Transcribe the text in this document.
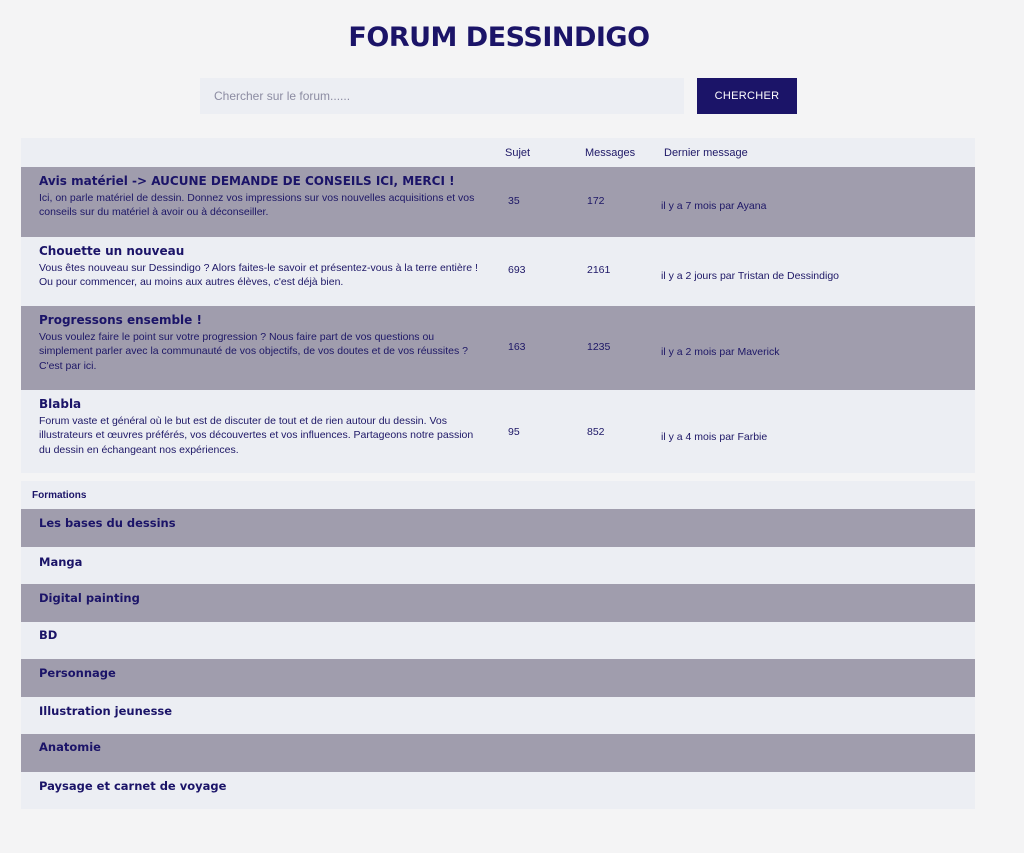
FORUM DESSINDIGO
Chercher sur le forum......
CHERCHER
Sujet	Messages	Dernier message
Avis matériel -> AUCUNE DEMANDE DE CONSEILS ICI, MERCI !
Ici, on parle matériel de dessin. Donnez vos impressions sur vos nouvelles acquisitions et vos conseils sur du matériel à avoir ou à déconseiller.
35	172	il y a 7 mois par Ayana
Chouette un nouveau
Vous êtes nouveau sur Dessindigo ? Alors faites-le savoir et présentez-vous à la terre entière ! Ou pour commencer, au moins aux autres élèves, c'est déjà bien.
693	2161	il y a 2 jours par Tristan de Dessindigo
Progressons ensemble !
Vous voulez faire le point sur votre progression ? Nous faire part de vos questions ou simplement parler avec la communauté de vos objectifs, de vos doutes et de vos réussites ? C'est par ici.
163	1235	il y a 2 mois par Maverick
Blabla
Forum vaste et général où le but est de discuter de tout et de rien autour du dessin. Vos illustrateurs et œuvres préférés, vos découvertes et vos influences. Partageons notre passion du dessin en échangeant nos expériences.
95	852	il y a 4 mois par Farbie
Formations
Les bases du dessins
Manga
Digital painting
BD
Personnage
Illustration jeunesse
Anatomie
Paysage et carnet de voyage
